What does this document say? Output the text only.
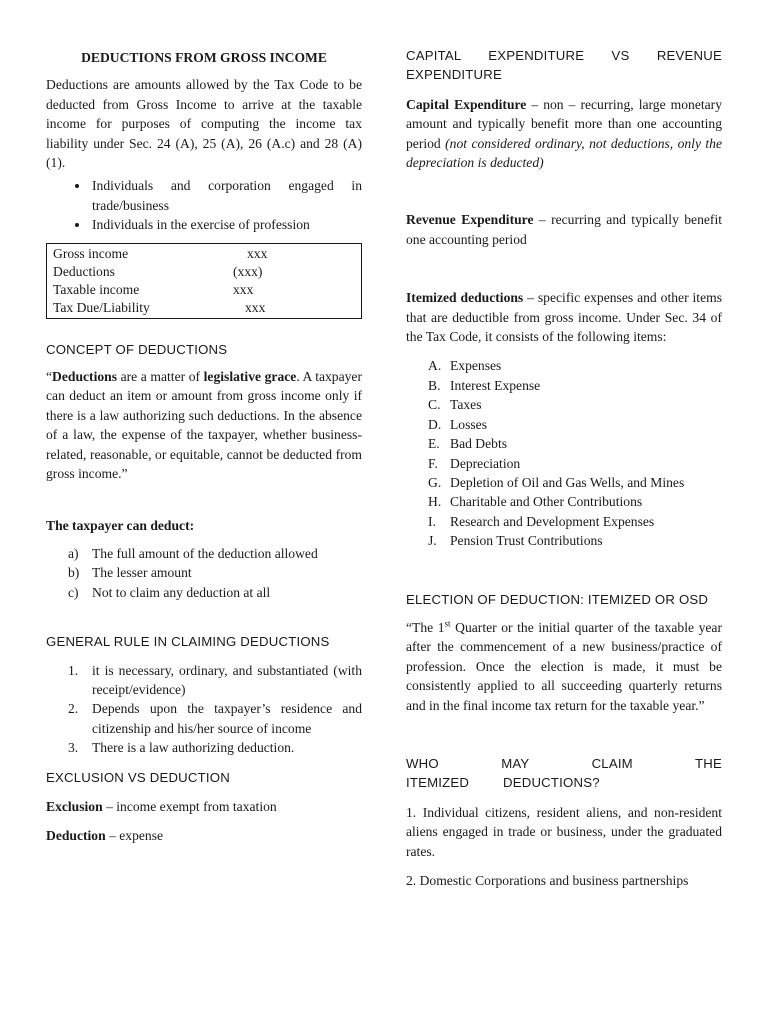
DEDUCTIONS FROM GROSS INCOME

Deductions are amounts allowed by the Tax Code to be deducted from Gross Income to arrive at the taxable income for purposes of computing the income tax liability under Sec. 24 (A), 25 (A), 26 (A.c) and 28 (A) (1).

• Individuals and corporation engaged in trade/business
• Individuals in the exercise of profession
Gross income	xxx
Deductions	(xxx)
Taxable income	xxx
Tax Due/Liability	xxx

CONCEPT OF DEDUCTIONS

“Deductions are a matter of legislative grace. A taxpayer can deduct an item or amount from gross income only if there is a law authorizing such deductions. In the absence of a law, the expense of the taxpayer, whether business-related, reasonable, or equitable, cannot be deducted from gross income.”

The taxpayer can deduct:

a) The full amount of the deduction allowed
b) The lesser amount
c) Not to claim any deduction at all

GENERAL RULE IN CLAIMING DEDUCTIONS

1.	it is necessary, ordinary, and substantiated (with receipt/evidence)
2.	Depends upon the taxpayer’s residence and citizenship and his/her source of income
3.	There is a law authorizing deduction.

EXCLUSION VS DEDUCTION

Exclusion – income exempt from taxation

Deduction – expense

CAPITAL EXPENDITURE VS REVENUE EXPENDITURE

Capital Expenditure – non – recurring, large monetary amount and typically benefit more than one accounting period (not considered ordinary, not deductions, only the depreciation is deducted)

Revenue Expenditure – recurring and typically benefit one accounting period

Itemized deductions – specific expenses and other items that are deductible from gross income. Under Sec. 34 of the Tax Code, it consists of the following items:

A. Expenses
B. Interest Expense
C. Taxes
D. Losses
E. Bad Debts
F. Depreciation
G. Depletion of Oil and Gas Wells, and Mines
H. Charitable and Other Contributions
I.	Research and Development Expenses
J. Pension Trust Contributions

ELECTION OF DEDUCTION: ITEMIZED OR OSD

“The 1st Quarter or the initial quarter of the taxable year after the commencement of a new business/practice of profession. Once the election is made, it must be consistently applied to all succeeding quarterly returns and in the final income tax return for the taxable year.”

WHO MAY CLAIM THE ITEMIZED DEDUCTIONS?

1. Individual citizens, resident aliens, and non-resident aliens engaged in trade or business, under the graduated rates.

2. Domestic Corporations and business partnerships
